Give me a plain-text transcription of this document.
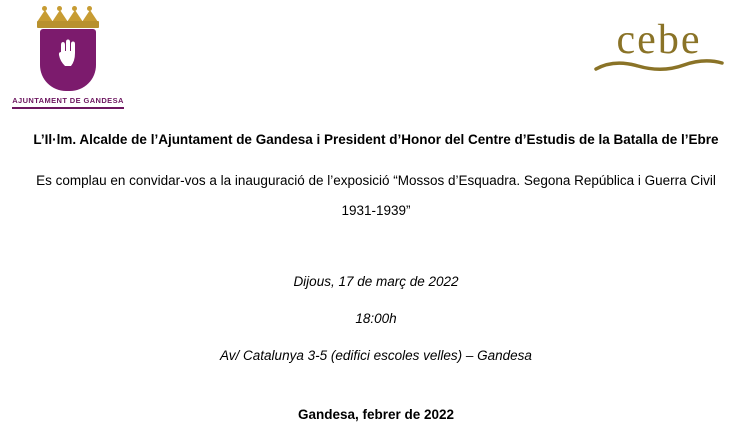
AJUNTAMENT DE GANDESA
cebe
L’Il·lm. Alcalde de l’Ajuntament de Gandesa i President d’Honor del Centre d’Estudis de la Batalla de l’Ebre
Es complau en convidar-vos a la inauguració de l’exposició “Mossos d’Esquadra. Segona República i Guerra Civil
1931-1939”
Dijous, 17 de març de 2022
18:00h
Av/ Catalunya 3-5 (edifici escoles velles) – Gandesa
Gandesa, febrer de 2022
